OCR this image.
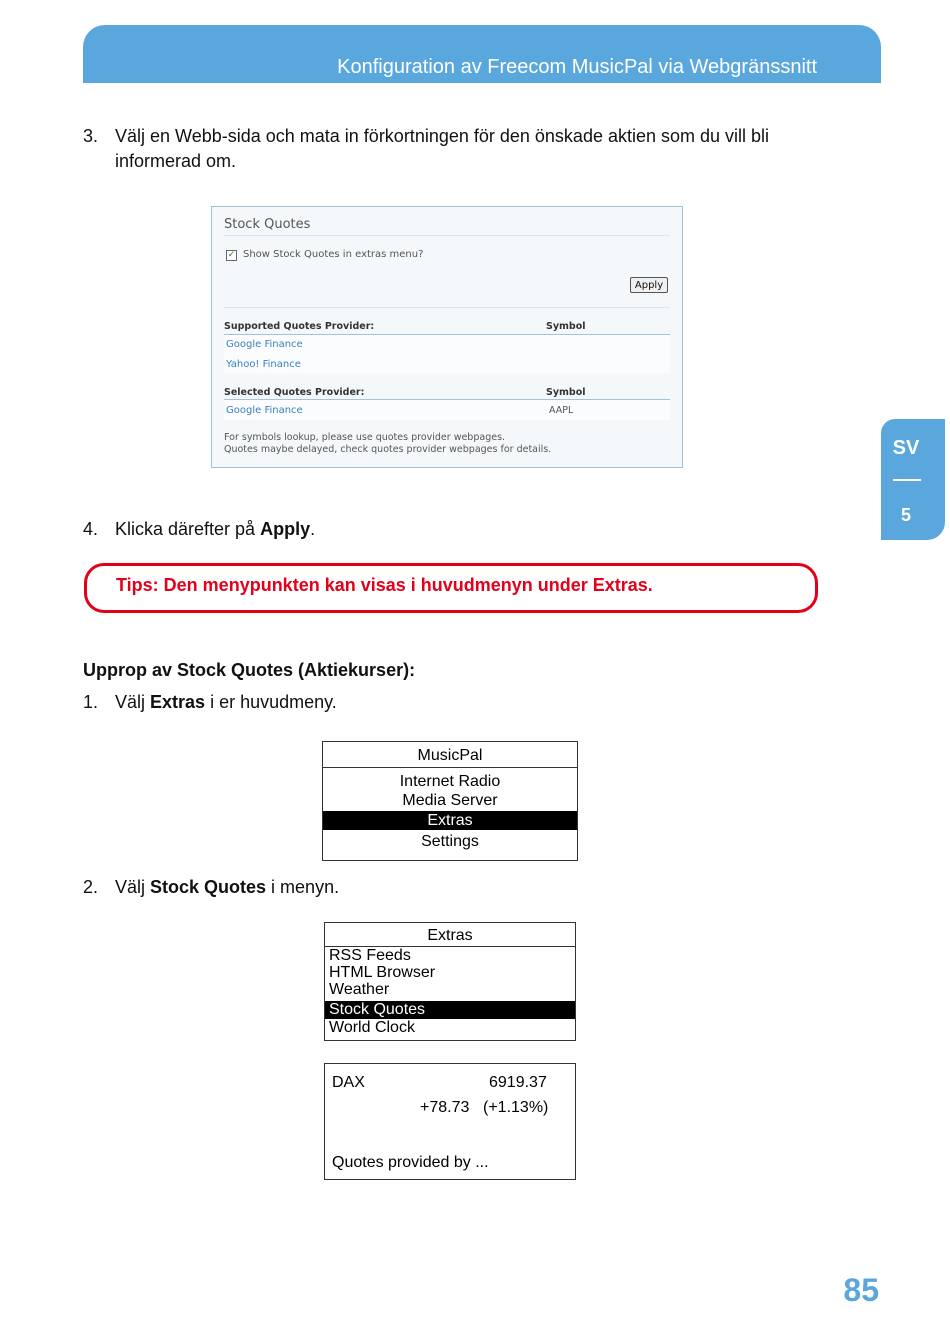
Konfiguration av Freecom MusicPal via Webgränssnitt
3. Välj en Webb-sida och mata in förkortningen för den önskade aktien som du vill bli
informerad om.
Stock Quotes
✓ Show Stock Quotes in extras menu?
Apply
Supported Quotes Provider:	Symbol
Google Finance
Yahoo! Finance
Selected Quotes Provider:	Symbol
Google Finance	AAPL
For symbols lookup, please use quotes provider webpages.
Quotes maybe delayed, check quotes provider webpages for details.
4. Klicka därefter på Apply.
Tips: Den menypunkten kan visas i huvudmenyn under Extras.
Upprop av Stock Quotes (Aktiekurser):
1. Välj Extras i er huvudmeny.
MusicPal
Internet Radio
Media Server
Extras
Settings
2. Välj Stock Quotes i menyn.
Extras
RSS Feeds
HTML Browser
Weather
Stock Quotes
World Clock
DAX	6919.37
+78.73 (+1.13%)
Quotes provided by ...
SV
5
85
